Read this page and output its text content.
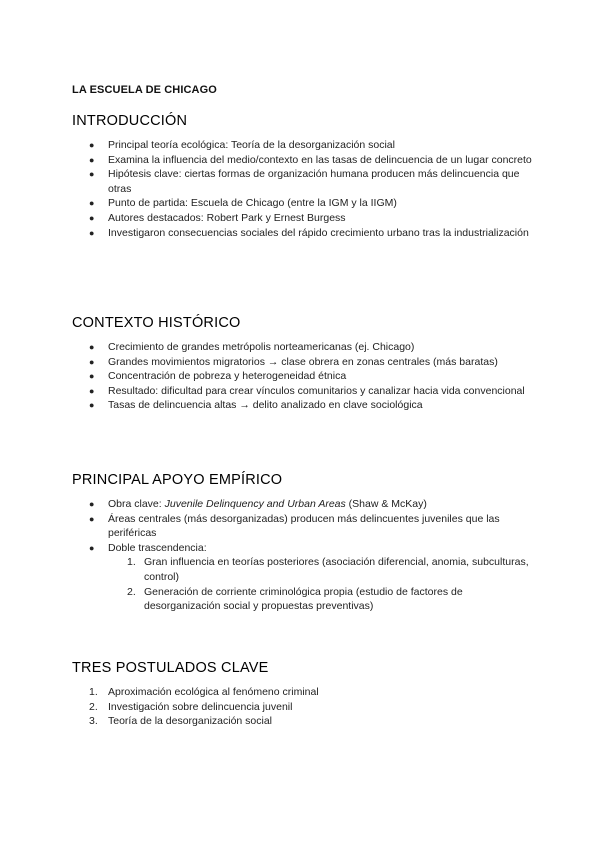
LA ESCUELA DE CHICAGO
INTRODUCCIÓN
● Principal teoría ecológica: Teoría de la desorganización social
● Examina la influencia del medio/contexto en las tasas de delincuencia de un lugar concreto
● Hipótesis clave: ciertas formas de organización humana producen más delincuencia que otras
● Punto de partida: Escuela de Chicago (entre la IGM y la IIGM)
● Autores destacados: Robert Park y Ernest Burgess
● Investigaron consecuencias sociales del rápido crecimiento urbano tras la industrialización
CONTEXTO HISTÓRICO
● Crecimiento de grandes metrópolis norteamericanas (ej. Chicago)
● Grandes movimientos migratorios → clase obrera en zonas centrales (más baratas)
● Concentración de pobreza y heterogeneidad étnica
● Resultado: dificultad para crear vínculos comunitarios y canalizar hacia vida convencional
● Tasas de delincuencia altas → delito analizado en clave sociológica
PRINCIPAL APOYO EMPÍRICO
● Obra clave: Juvenile Delinquency and Urban Areas (Shaw & McKay)
● Áreas centrales (más desorganizadas) producen más delincuentes juveniles que las periféricas
● Doble trascendencia:
1. Gran influencia en teorías posteriores (asociación diferencial, anomia, subculturas, control)
2. Generación de corriente criminológica propia (estudio de factores de desorganización social y propuestas preventivas)
TRES POSTULADOS CLAVE
1. Aproximación ecológica al fenómeno criminal
2. Investigación sobre delincuencia juvenil
3. Teoría de la desorganización social
